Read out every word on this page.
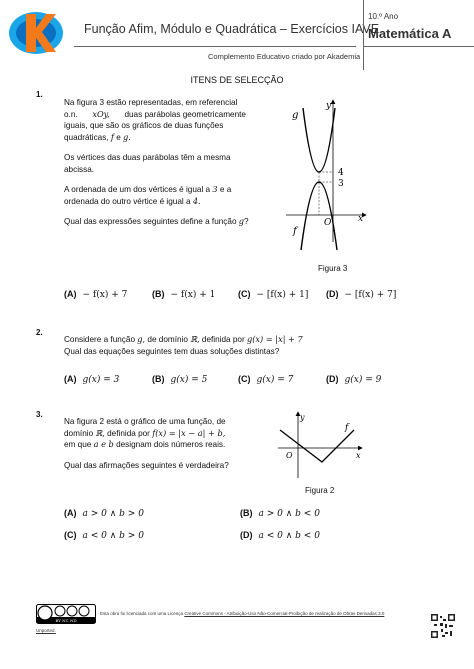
Função Afim, Módulo e Quadrática – Exercícios IAVE
Complemento Educativo criado por Akademia
10.º Ano
Matemática A
ITENS DE SELECÇÃO
1.
Na figura 3 estão representadas, em referencial
o.n. xOy, duas parábolas geometricamente
iguais, que são os gráficos de duas funções
quadráticas, f e g.
Os vértices das duas parábolas têm a mesma
abcissa.
A ordenada de um dos vértices é igual a 3 e a
ordenada do outro vértice é igual a 4.
Qual das expressões seguintes define a função g?
g
y
4
3
O	x
f
Figura 3
(A) − f(x) + 7	(B) − f(x) + 1	(C) − [f(x) + 1] (D) − [f(x) + 7]
2.
Considere a função g, de domínio ℝ, definida por g(x) = |x| + 7
Qual das equações seguintes tem duas soluções distintas?
(A) g(x) = 3	(B) g(x) = 5	(C) g(x) = 7	(D) g(x) = 9
3.
Na figura 2 está o gráfico de uma função, de
domínio ℝ, definida por f(x) = |x − a| + b,
em que a e b designam dois números reais.
Qual das afirmações seguintes é verdadeira?
y
f
O	x
Figura 2
(A) a > 0 ∧ b > 0	(B) a > 0 ∧ b < 0
(C) a < 0 ∧ b > 0	(D) a < 0 ∧ b < 0
BY NC ND
Esta obra foi licenciada com uma Licença Creative Commons - Atribuição-Uso Não-Comercial-Proibição de realização de Obras Derivadas 3.0
Unported.
